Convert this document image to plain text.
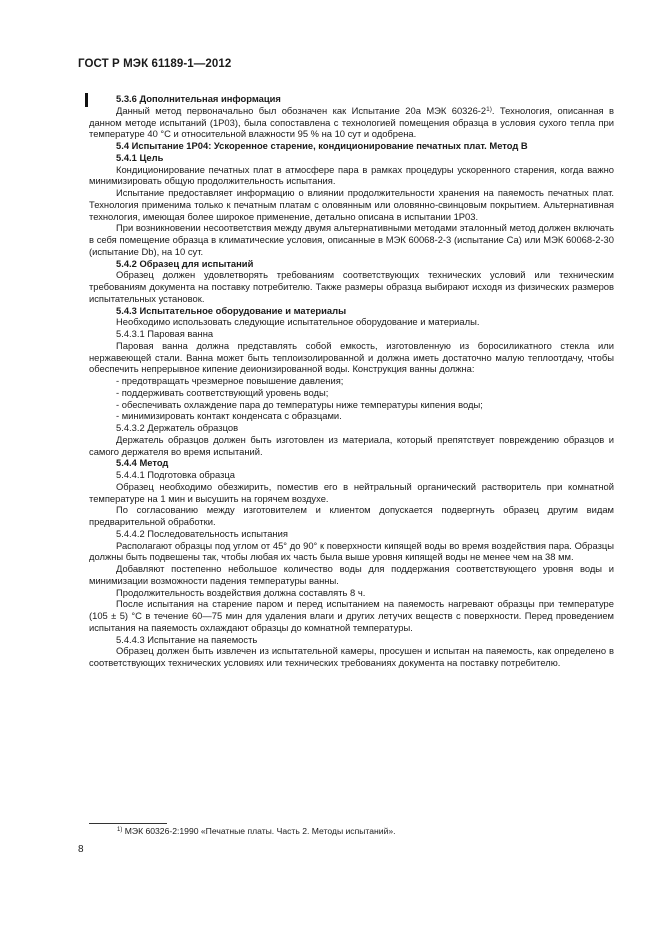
ГОСТ Р МЭК 61189-1—2012

5.3.6 Дополнительная информация

Данный метод первоначально был обозначен как Испытание 20а МЭК 60326-2$^{1)}$. Технология, описанная в данном методе испытаний (1P03), была сопоставлена с технологией помещения образца в условия сухого тепла при температуре 40 °С и относительной влажности 95 % на 10 сут и одобрена.

5.4 Испытание 1P04: Ускоренное старение, кондиционирование печатных плат. Метод В

5.4.1 Цель

Кондиционирование печатных плат в атмосфере пара в рамках процедуры ускоренного старения, когда важно минимизировать общую продолжительность испытания.

Испытание предоставляет информацию о влиянии продолжительности хранения на паяемость печатных плат. Технология применима только к печатным платам с оловянным или оловянно-свинцовым покрытием. Альтернативная технология, имеющая более широкое применение, детально описана в испытании 1P03.

При возникновении несоответствия между двумя альтернативными методами эталонный метод должен включать в себя помещение образца в климатические условия, описанные в МЭК 60068-2-3 (испытание Са) или МЭК 60068-2-30 (испытание Db), на 10 сут.

5.4.2 Образец для испытаний

Образец должен удовлетворять требованиям соответствующих технических условий или техническим требованиям документа на поставку потребителю. Также размеры образца выбирают исходя из физических размеров испытательных установок.

5.4.3 Испытательное оборудование и материалы

Необходимо использовать следующие испытательное оборудование и материалы.

5.4.3.1 Паровая ванна

Паровая ванна должна представлять собой емкость, изготовленную из боросиликатного стекла или нержавеющей стали. Ванна может быть теплоизолированной и должна иметь достаточно малую теплоотдачу, чтобы обеспечить непрерывное кипение деионизированной воды. Конструкция ванны должна:

- предотвращать чрезмерное повышение давления;

- поддерживать соответствующий уровень воды;

- обеспечивать охлаждение пара до температуры ниже температуры кипения воды;

- минимизировать контакт конденсата с образцами.

5.4.3.2 Держатель образцов

Держатель образцов должен быть изготовлен из материала, который препятствует повреждению образцов и самого держателя во время испытаний.

5.4.4 Метод

5.4.4.1 Подготовка образца

Образец необходимо обезжирить, поместив его в нейтральный органический растворитель при комнатной температуре на 1 мин и высушить на горячем воздухе.

По согласованию между изготовителем и клиентом допускается подвергнуть образец другим видам предварительной обработки.

5.4.4.2 Последовательность испытания

Располагают образцы под углом от 45° до 90° к поверхности кипящей воды во время воздействия пара. Образцы должны быть подвешены так, чтобы любая их часть была выше уровня кипящей воды не менее чем на 38 мм.

Добавляют постепенно небольшое количество воды для поддержания соответствующего уровня воды и минимизации возможности падения температуры ванны.

Продолжительность воздействия должна составлять 8 ч.

После испытания на старение паром и перед испытанием на паяемость нагревают образцы при температуре (105 ± 5) °С в течение 60—75 мин для удаления влаги и других летучих веществ с поверхности. Перед проведением испытания на паяемость охлаждают образцы до комнатной температуры.

5.4.4.3 Испытание на паяемость

Образец должен быть извлечен из испытательной камеры, просушен и испытан на паяемость, как определено в соответствующих технических условиях или технических требованиях документа на поставку потребителю.

$^{1)}$ МЭК 60326-2:1990 «Печатные платы. Часть 2. Методы испытаний».
8
